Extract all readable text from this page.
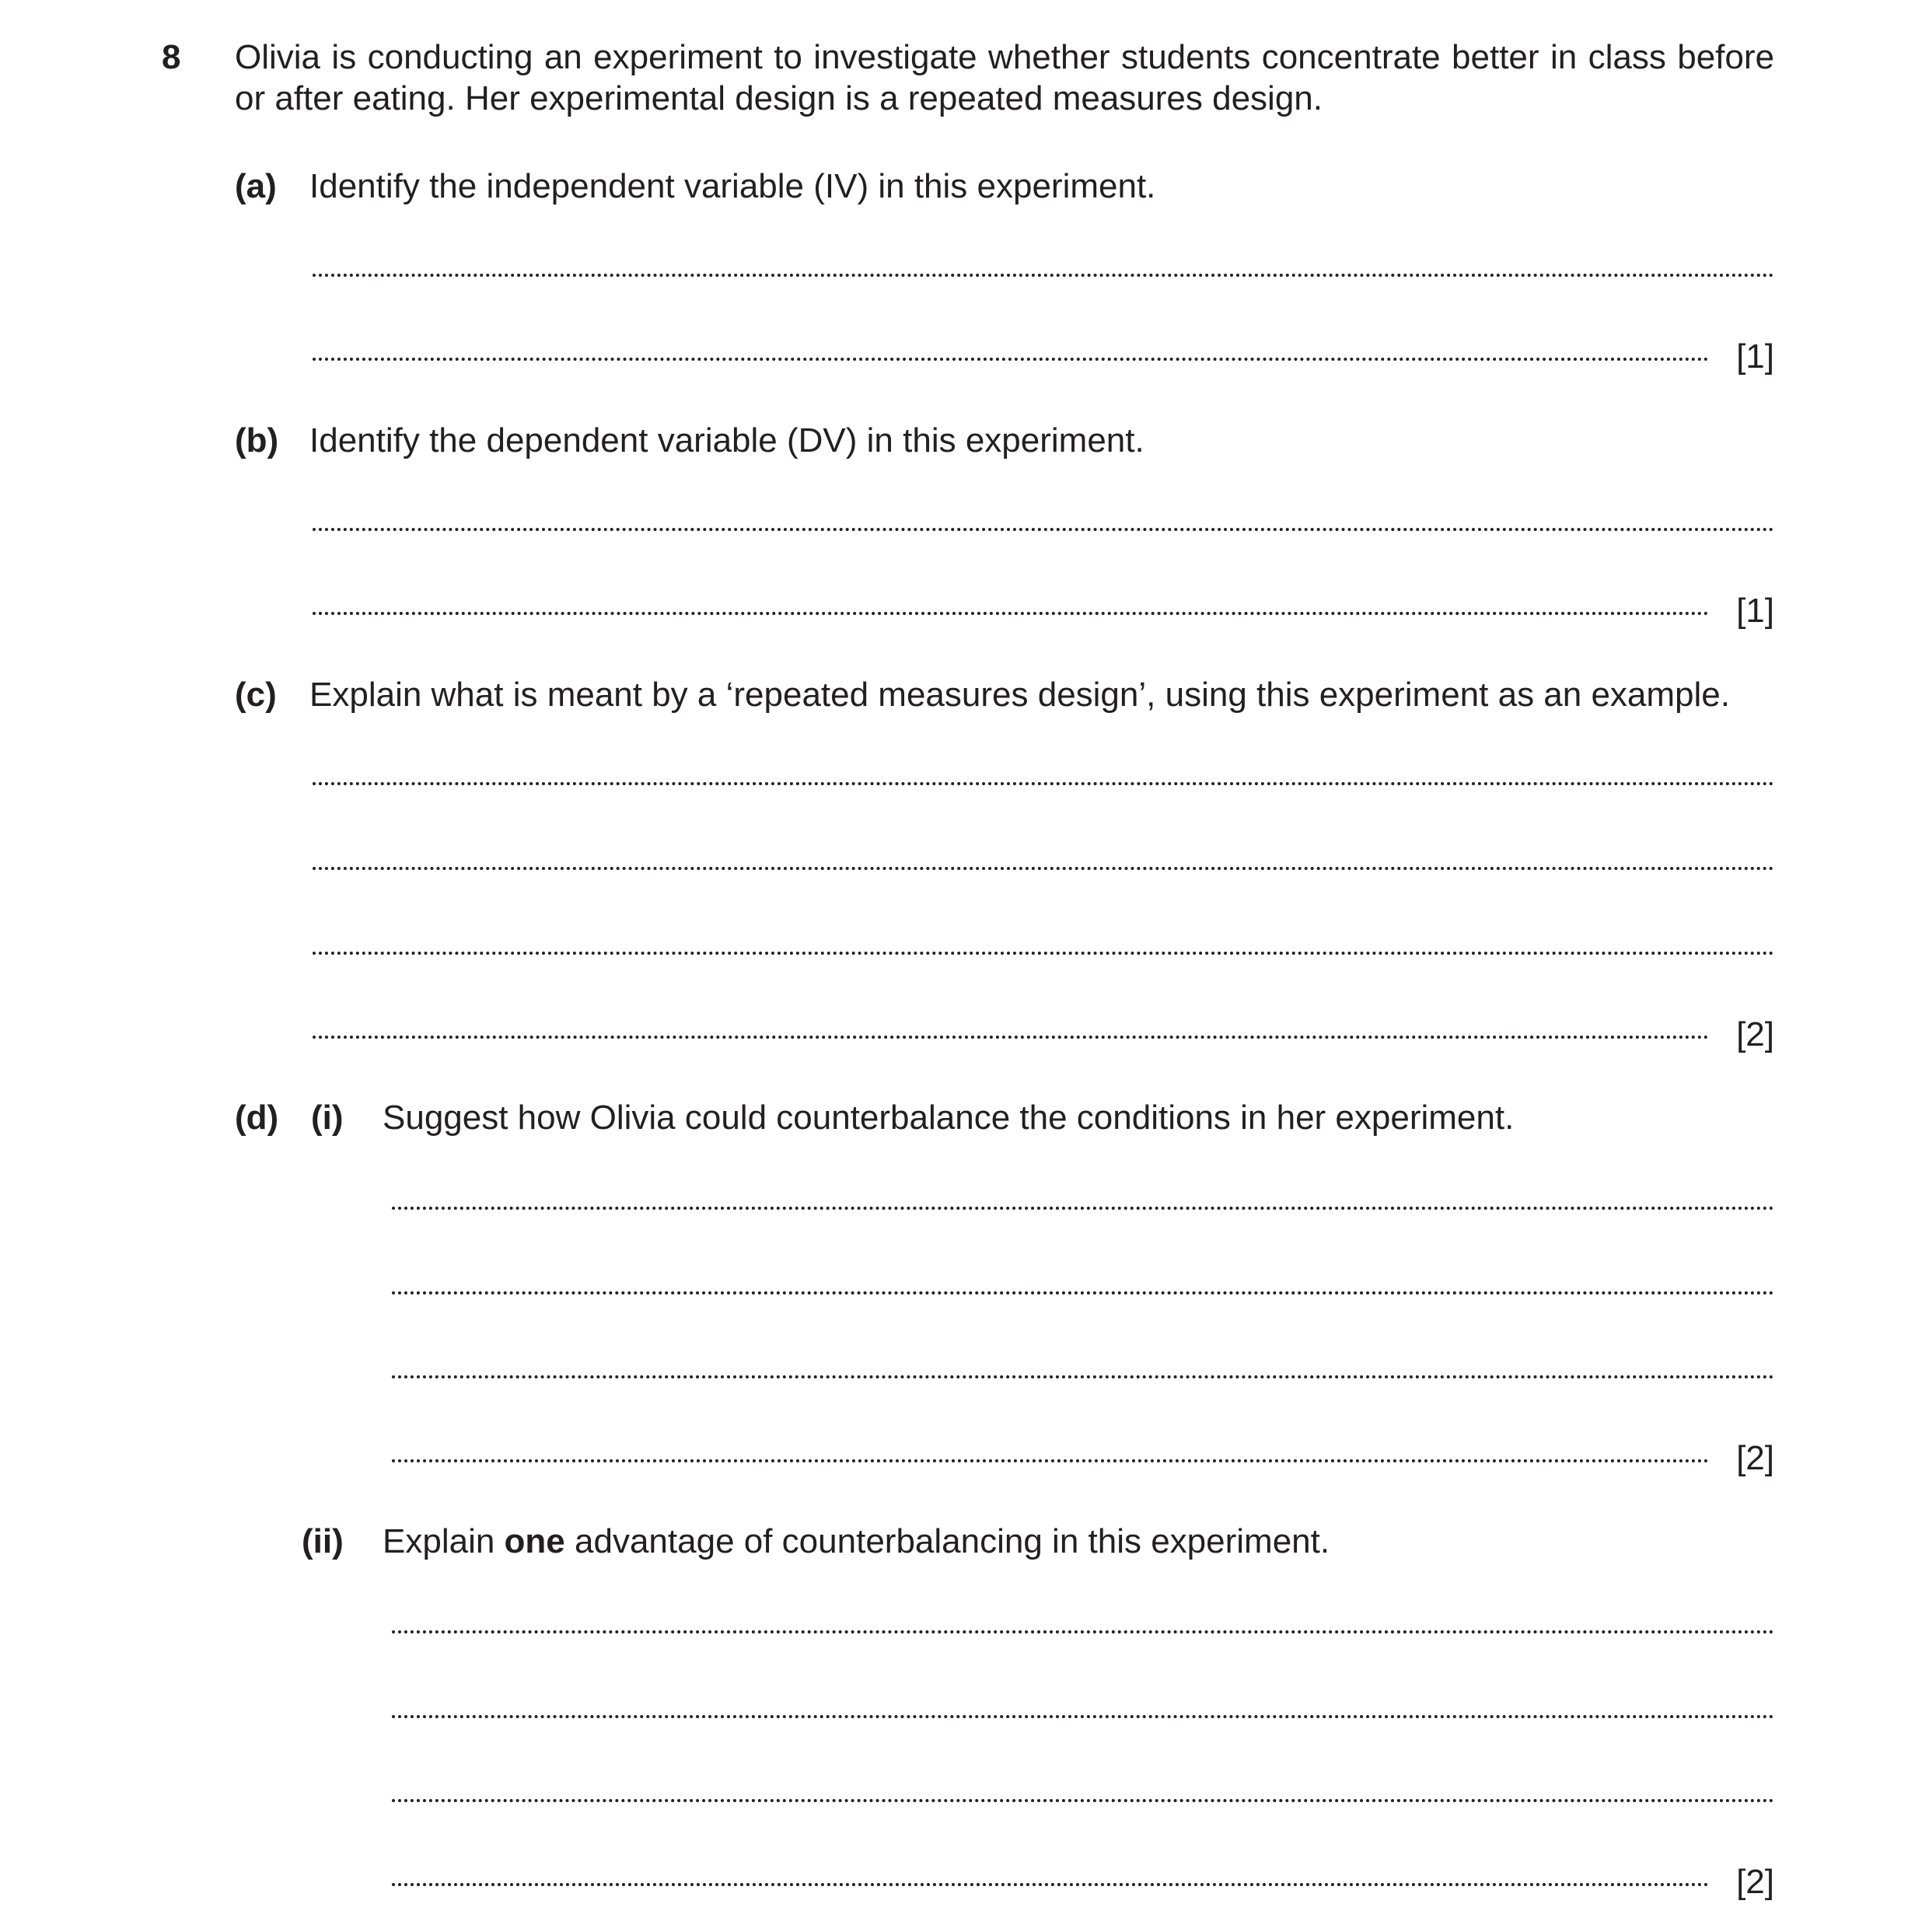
8 Olivia is conducting an experiment to investigate whether students concentrate better in class before or after eating. Her experimental design is a repeated measures design.
(a) Identify the independent variable (IV) in this experiment.
[1]
(b) Identify the dependent variable (DV) in this experiment.
[1]
(c) Explain what is meant by a ‘repeated measures design’, using this experiment as an example.
[2]
(d) (i) Suggest how Olivia could counterbalance the conditions in her experiment.
[2]
(ii) Explain one advantage of counterbalancing in this experiment.
[2]
